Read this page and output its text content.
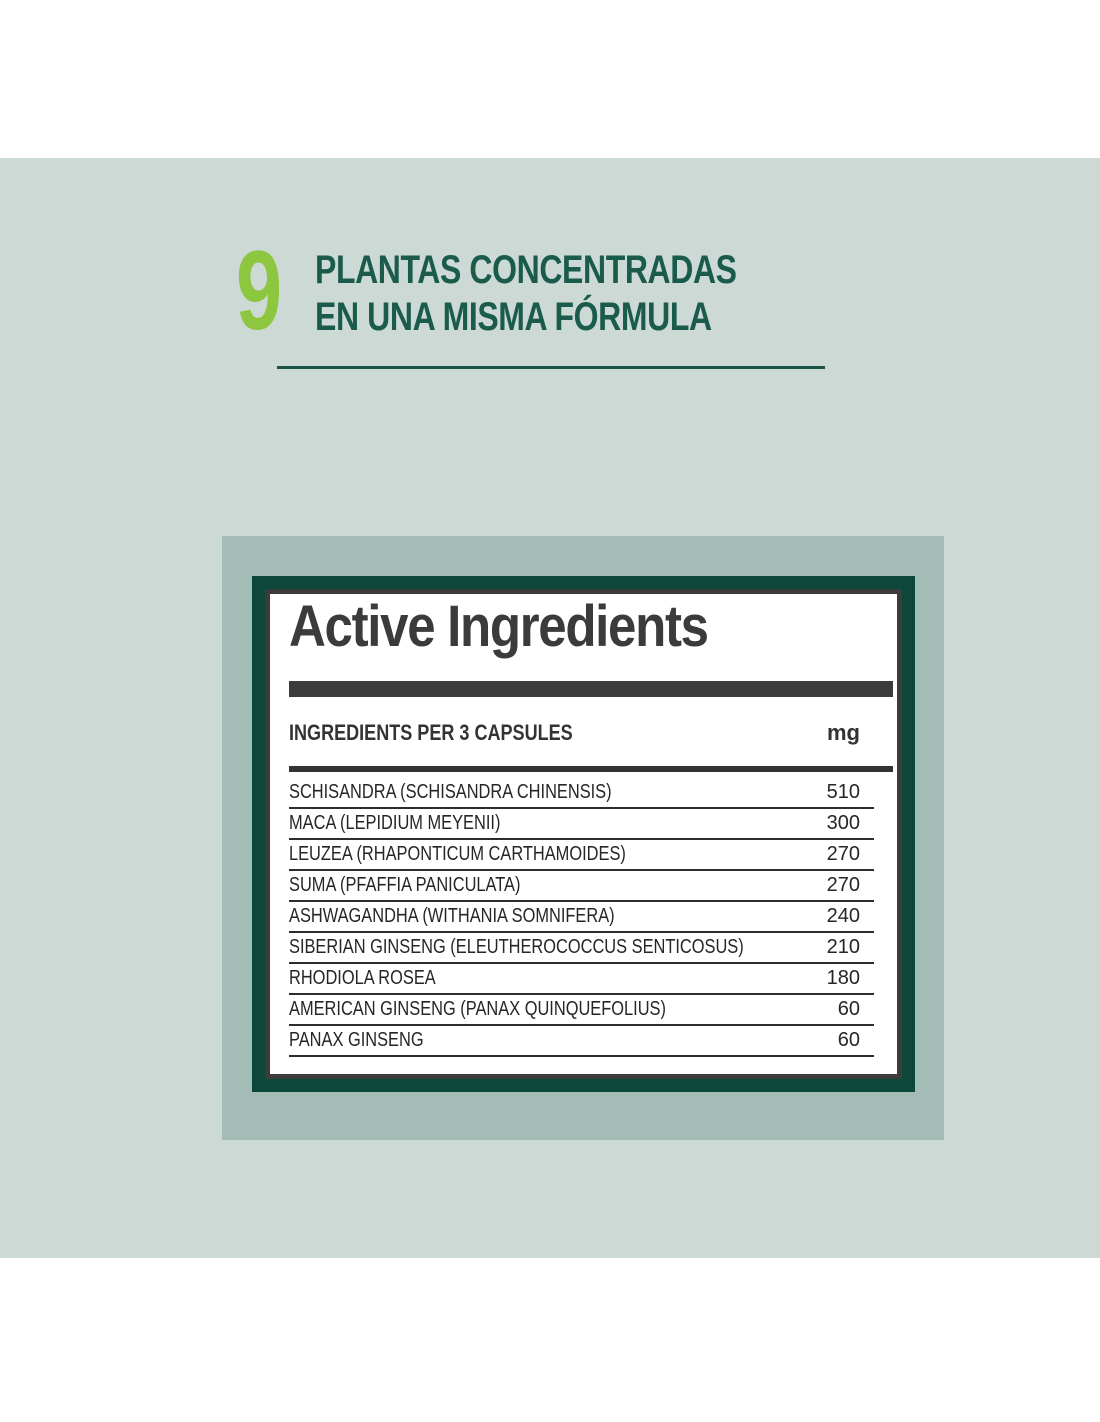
9 PLANTAS CONCENTRADAS
EN UNA MISMA FÓRMULA
Active Ingredients
INGREDIENTS PER 3 CAPSULES	mg
SCHISANDRA (SCHISANDRA CHINENSIS)	510
MACA (LEPIDIUM MEYENII)	300
LEUZEA (RHAPONTICUM CARTHAMOIDES)	270
SUMA (PFAFFIA PANICULATA)	270
ASHWAGANDHA (WITHANIA SOMNIFERA)	240
SIBERIAN GINSENG (ELEUTHEROCOCCUS SENTICOSUS)	210
RHODIOLA ROSEA	180
AMERICAN GINSENG (PANAX QUINQUEFOLIUS)	60
PANAX GINSENG	60
